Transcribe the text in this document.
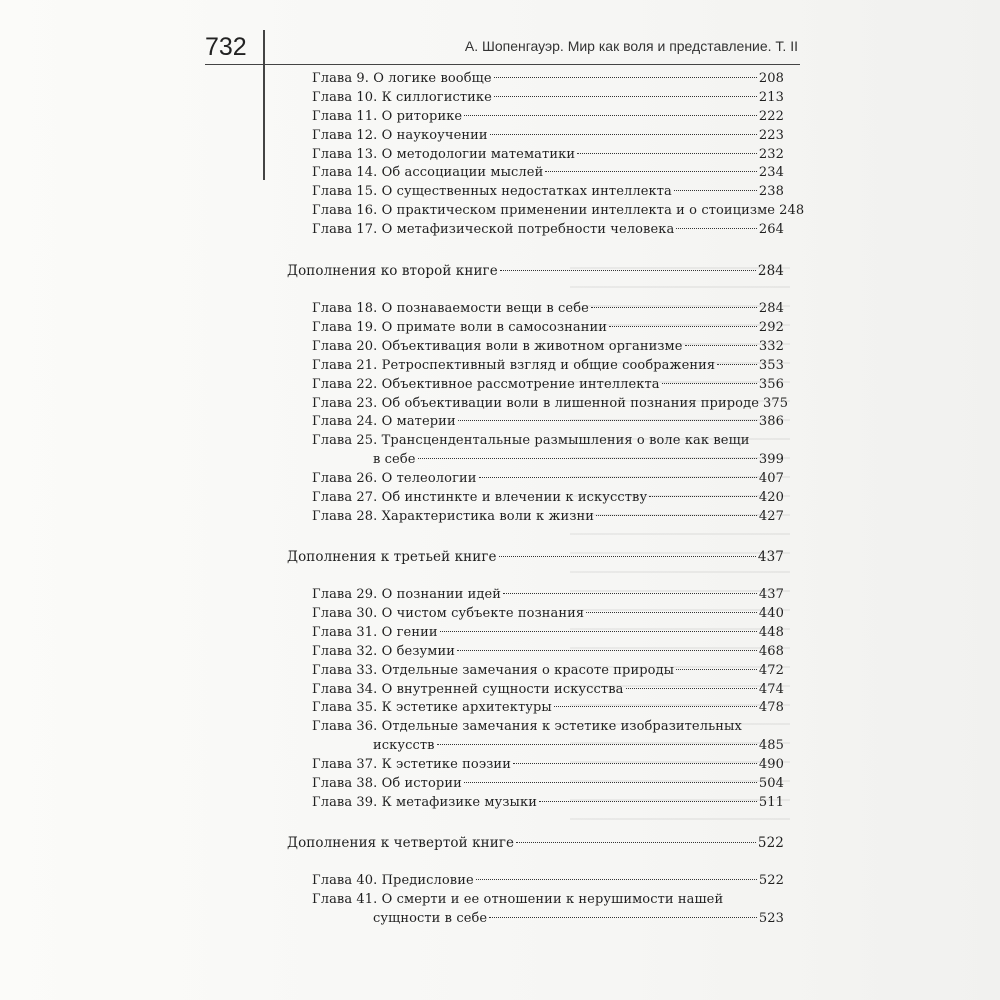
732	А. Шопенгауэр. Мир как воля и представление. Т. II
Глава 9. О логике вообще	208
Глава 10. К силлогистике	213
Глава 11. О риторике	222
Глава 12. О наукоучении	223
Глава 13. О методологии математики	232
Глава 14. Об ассоциации мыслей	234
Глава 15. О существенных недостатках интеллекта	238
Глава 16. О практическом применении интеллекта и о стоицизме 248
Глава 17. О метафизической потребности человека	264
Дополнения ко второй книге	284
Глава 18. О познаваемости вещи в себе	284
Глава 19. О примате воли в самосознании	292
Глава 20. Объективация воли в животном организме	332
Глава 21. Ретроспективный взгляд и общие соображения	353
Глава 22. Объективное рассмотрение интеллекта	356
Глава 23. Об объективации воли в лишенной познания природе 375
Глава 24. О материи	386
Глава 25. Трансцендентальные размышления о воле как вещи
в себе	399
Глава 26. О телеологии	407
Глава 27. Об инстинкте и влечении к искусству	420
Глава 28. Характеристика воли к жизни	427
Дополнения к третьей книге	437
Глава 29. О познании идей	437
Глава 30. О чистом субъекте познания	440
Глава 31. О гении	448
Глава 32. О безумии	468
Глава 33. Отдельные замечания о красоте природы	472
Глава 34. О внутренней сущности искусства	474
Глава 35. К эстетике архитектуры	478
Глава 36. Отдельные замечания к эстетике изобразительных
искусств	485
Глава 37. К эстетике поэзии	490
Глава 38. Об истории	504
Глава 39. К метафизике музыки	511
Дополнения к четвертой книге	522
Глава 40. Предисловие	522
Глава 41. О смерти и ее отношении к нерушимости нашей
сущности в себе	523
